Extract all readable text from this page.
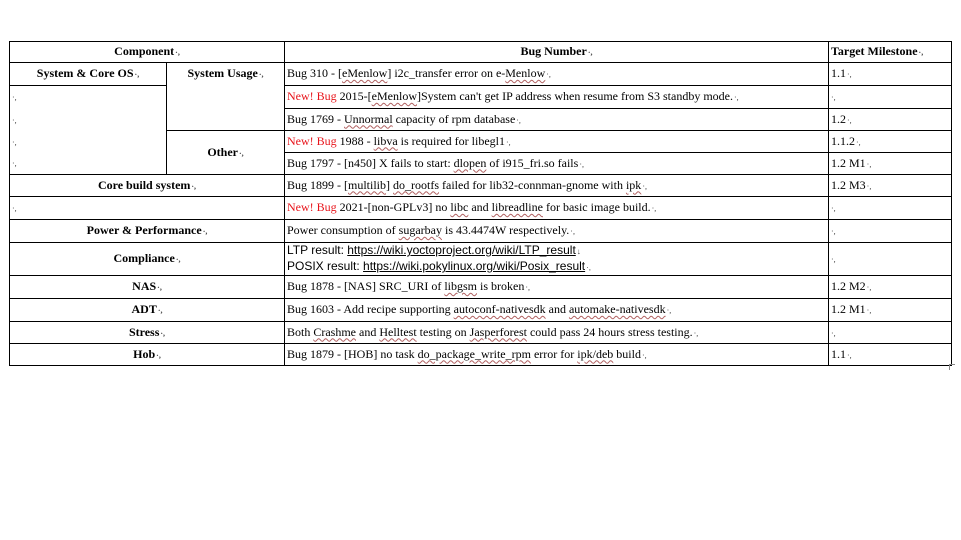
Component·,		Bug Number·,	Target Milestone·,
System & Core OS·,	System Usage·,	Bug 310 - [eMenlow] i2c_transfer error on e-Menlow·,	1.1·,
·,		New! Bug 2015-[eMenlow]System can't get IP address when resume from S3 standby mode.·,	·,
·,		Bug 1769 - Unnormal capacity of rpm database·,	1.2·,
·,	Other·,	New! Bug 1988 - libva is required for libegl1·,	1.1.2·,
·,		Bug 1797 - [n450] X fails to start: dlopen of i915_fri.so fails·,	1.2 M1·,
Core build system·,		Bug 1899 - [multilib] do_rootfs failed for lib32-connman-gnome with ipk·,	1.2 M3·,
·,		New! Bug 2021-[non-GPLv3] no libc and libreadline for basic image build.·,	·,
Power & Performance·,		Power consumption of sugarbay is 43.4474W respectively.·,	·,
Compliance·,		LTP result: https://wiki.yoctoproject.org/wiki/LTP_result↓
POSIX result: https://wiki.pokylinux.org/wiki/Posix_result·,	·,
NAS·,		Bug 1878 - [NAS] SRC_URI of libgsm is broken·,	1.2 M2·,
ADT·,		Bug 1603 - Add recipe supporting autoconf-nativesdk and automake-nativesdk·,	1.2 M1·,
Stress·,		Both Crashme and Helltest testing on Jasperforest could pass 24 hours stress testing.·,	·,
Hob·,		Bug 1879 - [HOB] no task do_package_write_rpm error for ipk/deb build·,	1.1·,
